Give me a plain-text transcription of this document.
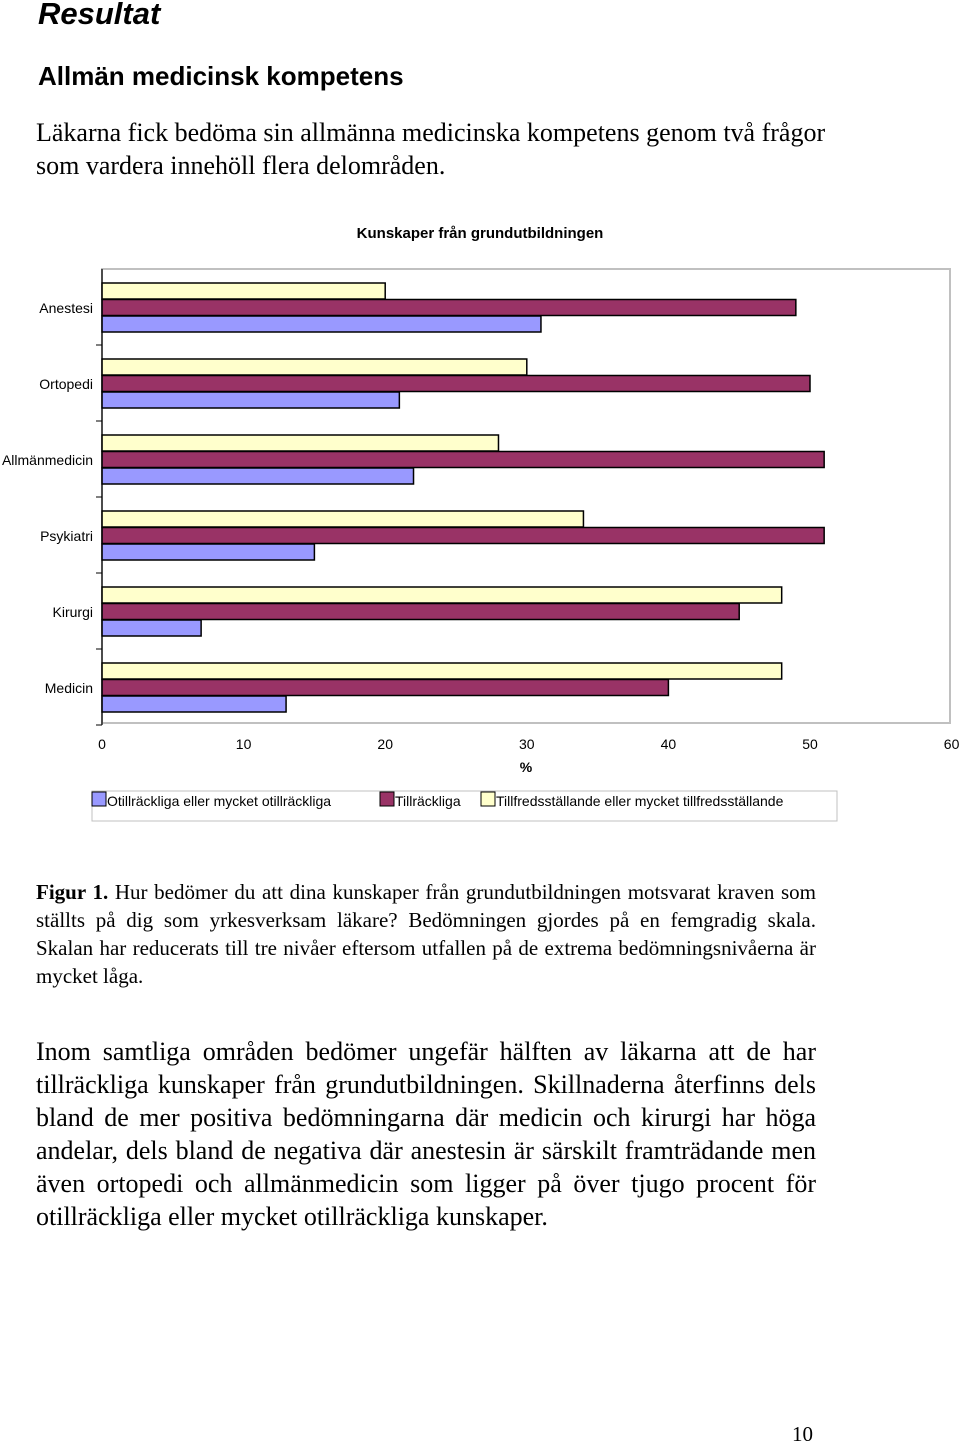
Resultat
Allmän medicinsk kompetens
Läkarna fick bedöma sin allmänna medicinska kompetens genom två frågor som vardera innehöll flera delområden.
Kunskaper från grundutbildningen
Anestesi
Ortopedi
Allmänmedicin
Psykiatri
Kirurgi
Medicin
0	10	20	30	40	50	60
%
Otillräckliga eller mycket otillräckliga	Tillräckliga	Tillfredsställande eller mycket tillfredsställande
Figur 1. Hur bedömer du att dina kunskaper från grundutbildningen motsvarat kraven som ställts på dig som yrkesverksam läkare? Bedömningen gjordes på en femgradig skala. Skalan har reducerats till tre nivåer eftersom utfallen på de extrema bedömningsnivåerna är mycket låga.
Inom samtliga områden bedömer ungefär hälften av läkarna att de har tillräckliga kunskaper från grundutbildningen. Skillnaderna återfinns dels bland de mer positiva bedömningarna där medicin och kirurgi har höga andelar, dels bland de negativa där anestesin är särskilt framträdande men även ortopedi och allmänmedicin som ligger på över tjugo procent för otillräckliga eller mycket otillräckliga kunskaper.
10
